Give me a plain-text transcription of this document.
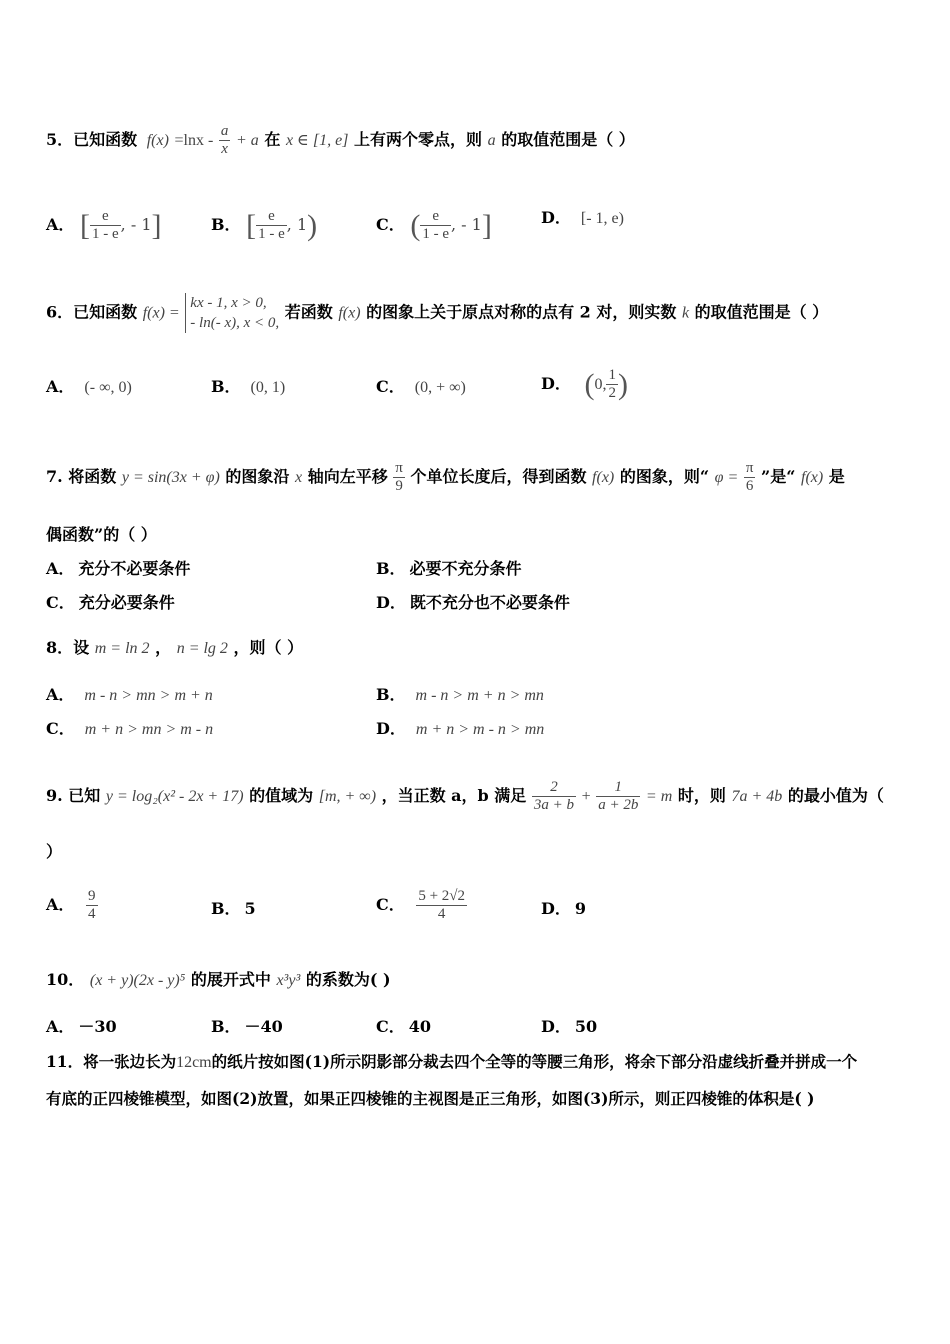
5．已知函数 $f(x) =\ln x - \frac{a}{x} + a$ 在 x ∈ [1, e] 上有两个零点，则 a 的取值范围是（ ）
A． [ $\frac{e}{1 - e}$ , - 1]	B． [ $\frac{e}{1 - e}$ , 1)	C． ( $\frac{e}{1 - e}$ , - 1]	D． [- 1, e)
6．已知函数 f(x) =
kx - 1, x > 0,
- ln(- x), x < 0,
若函数 f(x) 的图象上关于原点对称的点有 2 对，则实数 k 的取值范围是（ ）
A． (- ∞, 0)	B． (0, 1)	C． (0, + ∞)	D． (0, $\frac{1}{2}$ )
7. 将函数 y = sin(3x + φ) 的图象沿 x 轴向左平移 $\frac{\pi}{9}$ 个单位长度后，得到函数 f(x) 的图象，则“ $\varphi = \frac{\pi}{6}$ ”是“ f(x) 是
偶函数”的（ ）
A． 充分不必要条件	B． 必要不充分条件
C． 充分必要条件	D． 既不充分也不必要条件
8．设 m = ln 2 ， n = lg 2 ，则（ ）
A． m - n > mn > m + n	B． m - n > m + n > mn
C． m + n > mn > m - n	D． m + n > m - n > mn
9. 已知 y = log₂(x² - 2x + 17) 的值域为 [m, + ∞) ，当正数 a，b 满足 $\frac{2}{3a + b} + \frac{1}{a + 2b} = m$ 时，则 7a + 4b 的最小值为（
）
A． $\frac{9}{4}$	B． 5	C． $\frac{5 + 2√2}{4}$	D． 9
10． (x + y)(2x - y)⁵ 的展开式中 x³y³ 的系数为( )
A． －30	B． －40	C． 40	D． 50
11．将一张边长为12cm的纸片按如图(1)所示阴影部分裁去四个全等的等腰三角形，将余下部分沿虚线折叠并拼成一个
有底的正四棱锥模型，如图(2)放置，如果正四棱锥的主视图是正三角形，如图(3)所示，则正四棱锥的体积是( )
